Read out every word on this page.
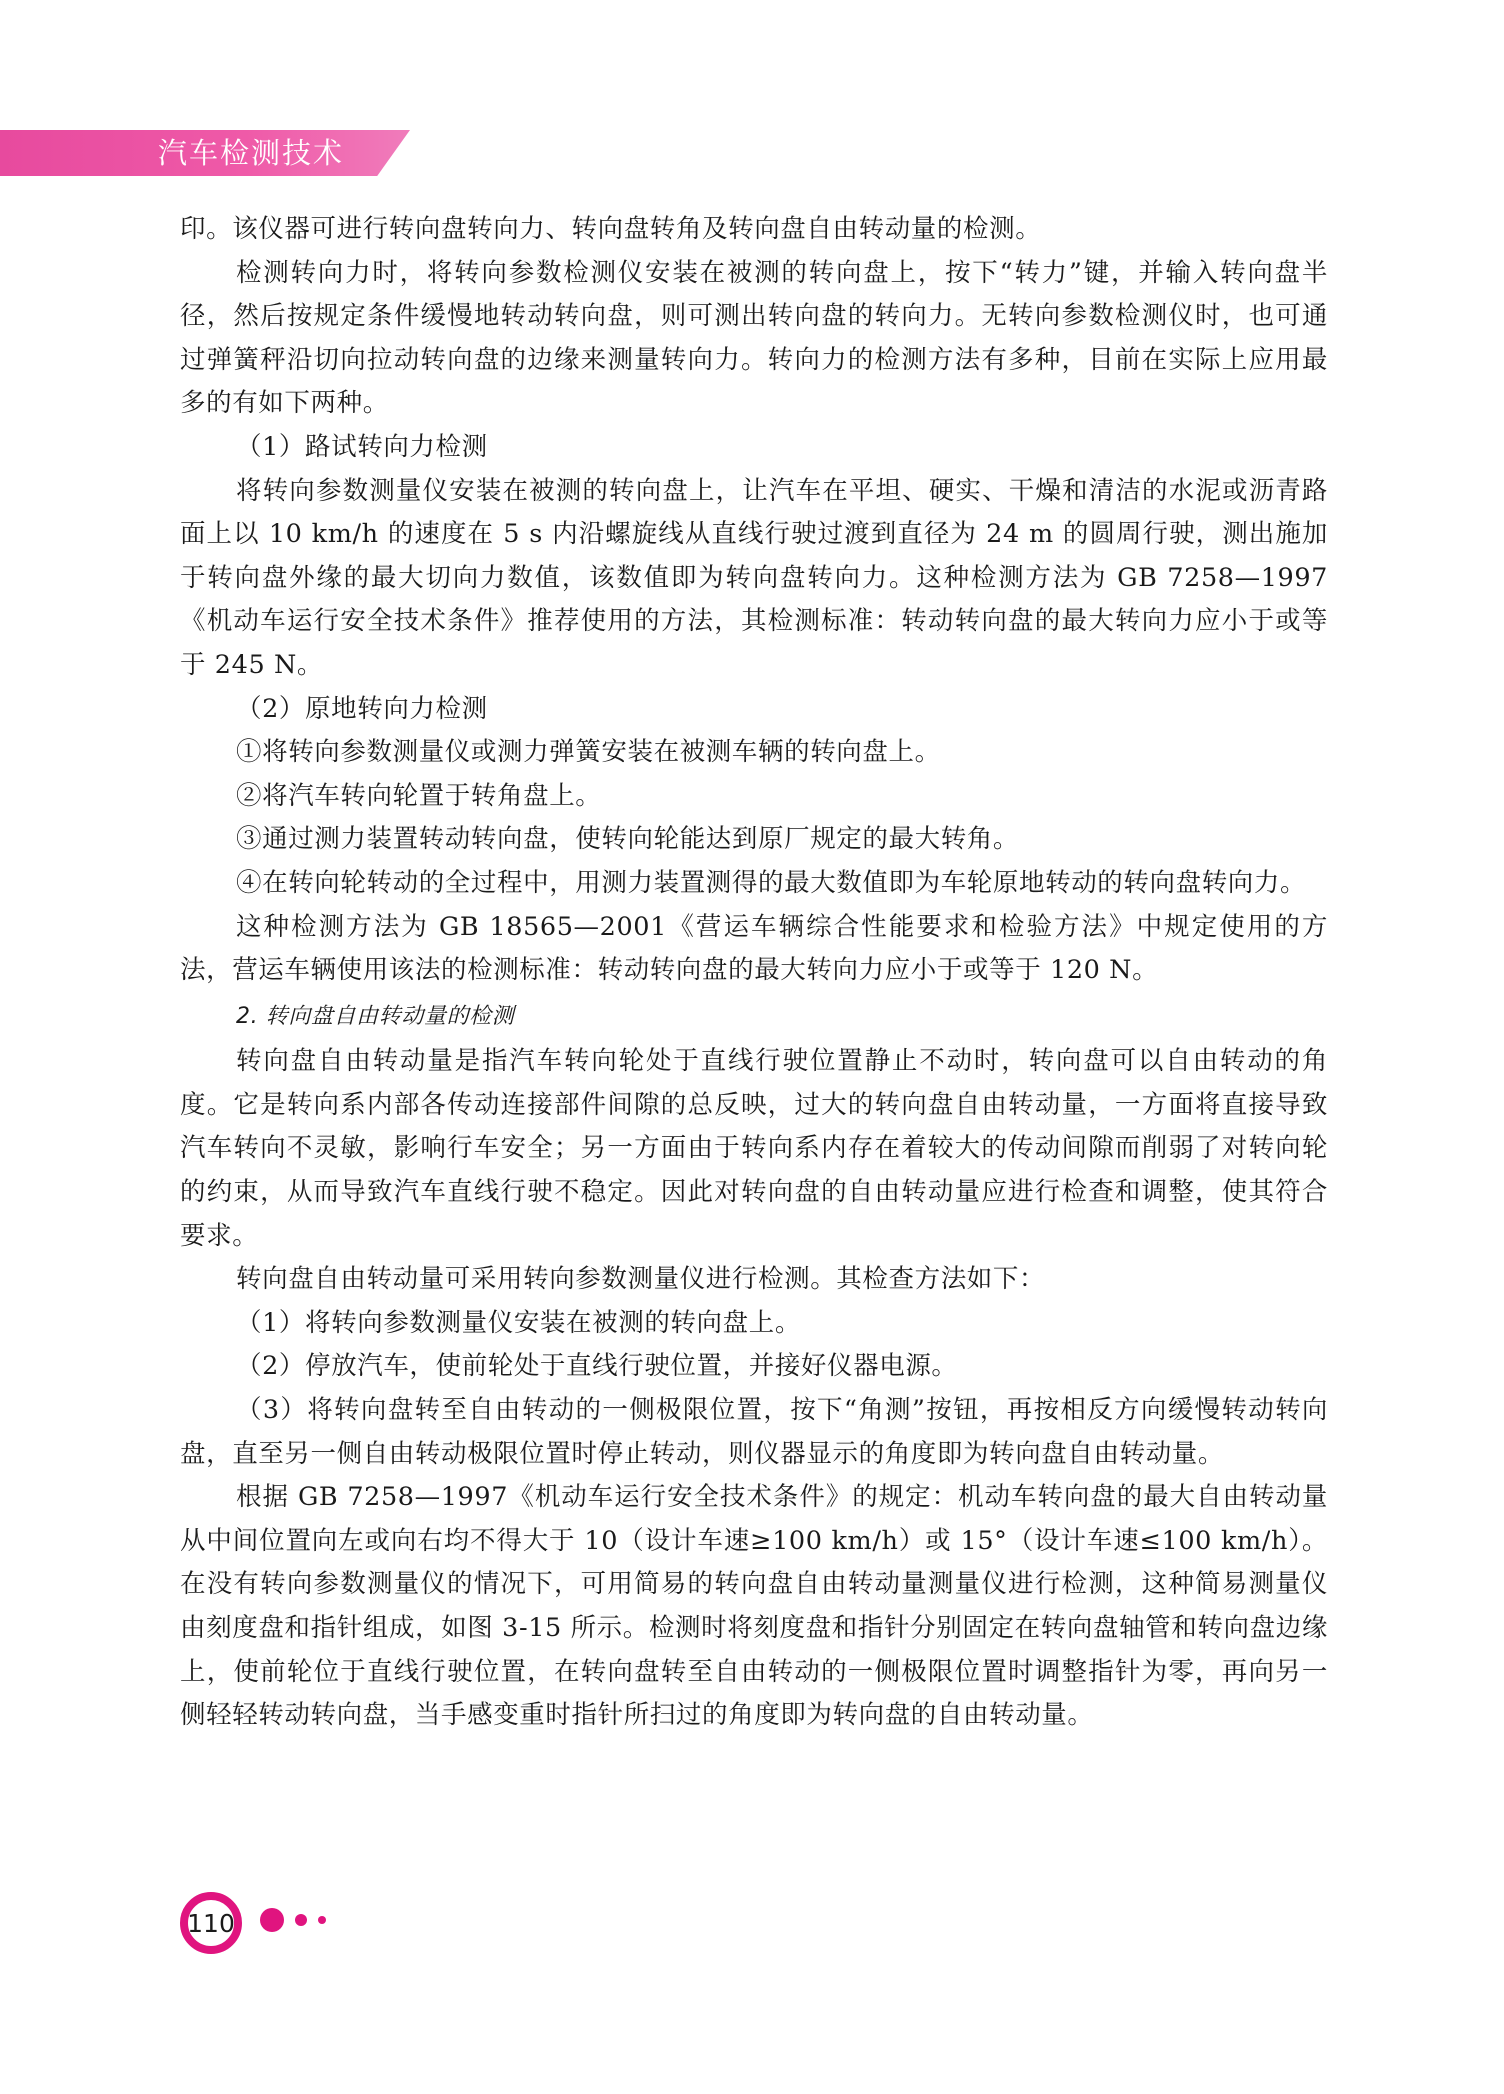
汽车检测技术

印。该仪器可进行转向盘转向力、转向盘转角及转向盘自由转动量的检测。

检测转向力时，将转向参数检测仪安装在被测的转向盘上，按下“转力”键，并输入转向盘半径，然后按规定条件缓慢地转动转向盘，则可测出转向盘的转向力。无转向参数检测仪时，也可通过弹簧秤沿切向拉动转向盘的边缘来测量转向力。转向力的检测方法有多种，目前在实际上应用最多的有如下两种。

（1）路试转向力检测

将转向参数测量仪安装在被测的转向盘上，让汽车在平坦、硬实、干燥和清洁的水泥或沥青路面上以 10 km/h 的速度在 5 s 内沿螺旋线从直线行驶过渡到直径为 24 m 的圆周行驶，测出施加于转向盘外缘的最大切向力数值，该数值即为转向盘转向力。这种检测方法为 GB 7258—1997《机动车运行安全技术条件》推荐使用的方法，其检测标准：转动转向盘的最大转向力应小于或等于 245 N。

（2）原地转向力检测

①将转向参数测量仪或测力弹簧安装在被测车辆的转向盘上。

②将汽车转向轮置于转角盘上。

③通过测力装置转动转向盘，使转向轮能达到原厂规定的最大转角。

④在转向轮转动的全过程中，用测力装置测得的最大数值即为车轮原地转动的转向盘转向力。

这种检测方法为 GB 18565—2001《营运车辆综合性能要求和检验方法》中规定使用的方法，营运车辆使用该法的检测标准：转动转向盘的最大转向力应小于或等于 120 N。

2. 转向盘自由转动量的检测

转向盘自由转动量是指汽车转向轮处于直线行驶位置静止不动时，转向盘可以自由转动的角度。它是转向系内部各传动连接部件间隙的总反映，过大的转向盘自由转动量，一方面将直接导致汽车转向不灵敏，影响行车安全；另一方面由于转向系内存在着较大的传动间隙而削弱了对转向轮的约束，从而导致汽车直线行驶不稳定。因此对转向盘的自由转动量应进行检查和调整，使其符合要求。

转向盘自由转动量可采用转向参数测量仪进行检测。其检查方法如下：

（1）将转向参数测量仪安装在被测的转向盘上。

（2）停放汽车，使前轮处于直线行驶位置，并接好仪器电源。

（3）将转向盘转至自由转动的一侧极限位置，按下“角测”按钮，再按相反方向缓慢转动转向盘，直至另一侧自由转动极限位置时停止转动，则仪器显示的角度即为转向盘自由转动量。

根据 GB 7258—1997《机动车运行安全技术条件》的规定：机动车转向盘的最大自由转动量从中间位置向左或向右均不得大于 10（设计车速≥100 km/h）或 15°（设计车速≤100 km/h）。在没有转向参数测量仪的情况下，可用简易的转向盘自由转动量测量仪进行检测，这种简易测量仪由刻度盘和指针组成，如图 3-15 所示。检测时将刻度盘和指针分别固定在转向盘轴管和转向盘边缘上，使前轮位于直线行驶位置，在转向盘转至自由转动的一侧极限位置时调整指针为零，再向另一侧轻轻转动转向盘，当手感变重时指针所扫过的角度即为转向盘的自由转动量。

110
